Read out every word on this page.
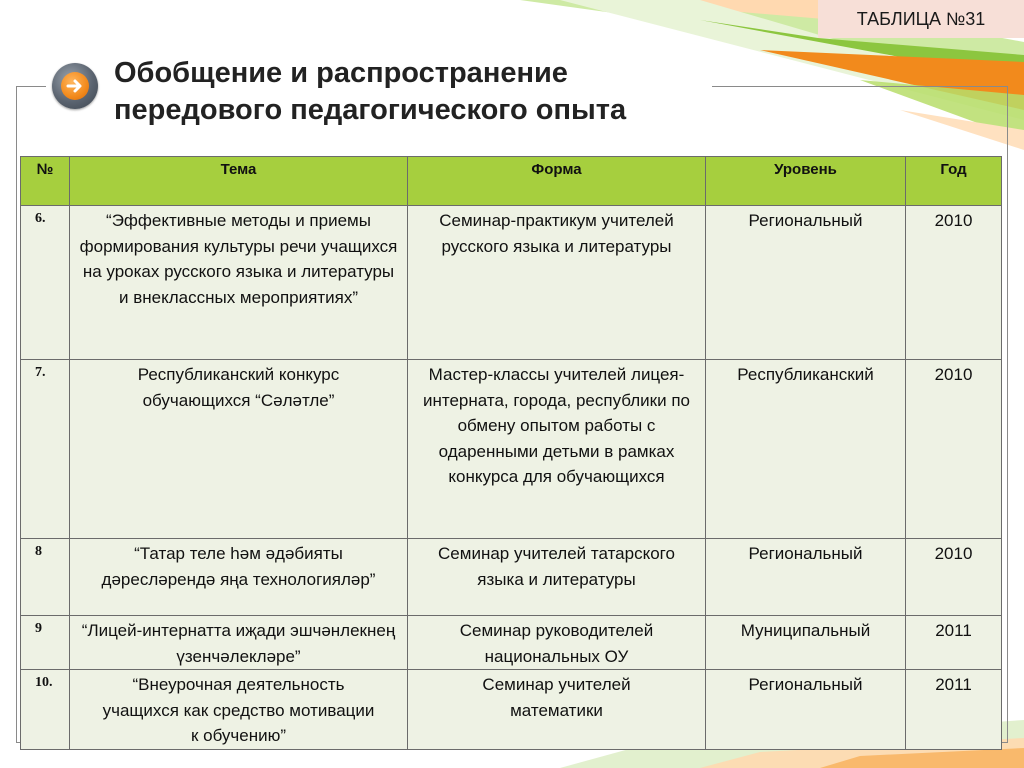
ТАБЛИЦА №31
Обобщение и распространение
передового педагогического опыта
№	Тема	Форма	Уровень	Год
6.	“Эффективные методы и приемы формирования культуры речи учащихся на уроках русского языка и литературы и внеклассных мероприятиях”	Семинар-практикум учителей русского языка и литературы	Региональный	2010
7.	Республиканский конкурс обучающихся “Сәләтле”	Мастер-классы учителей лицея-интерната, города, республики по обмену опытом работы с одаренными детьми в рамках конкурса для обучающихся	Республиканский	2010
8	“Татар теле һәм әдәбияты дәресләрендә яңа технологияләр”	Семинар учителей татарского языка и литературы	Региональный	2010
9	“Лицей-интернатта иҗади эшчәнлекнең үзенчәлекләре”	Семинар руководителей национальных ОУ	Муниципальный	2011
10.	“Внеурочная деятельность учащихся как средство мотивации к обучению”	Семинар учителей математики	Региональный	2011
